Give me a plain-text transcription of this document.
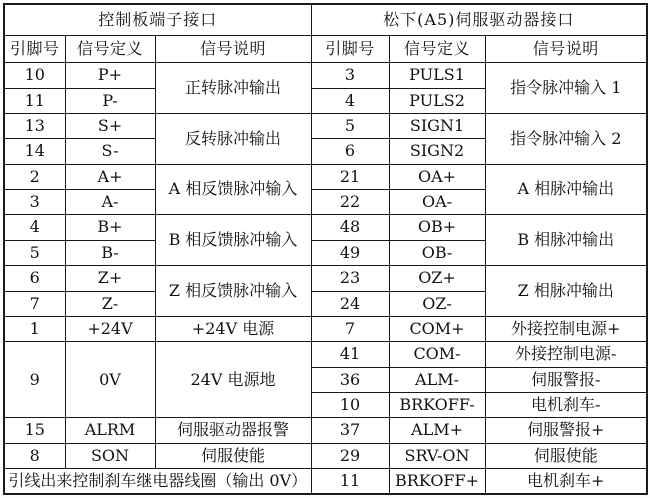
控制板端子接口			松下(A5)伺服驱动器接口		
引脚号	信号定义	信号说明	引脚号	信号定义	信号说明
10	P+	正转脉冲输出	3	PULS1	指令脉冲输入 1
11	P-		4	PULS2	
13	S+	反转脉冲输出	5	SIGN1	指令脉冲输入 2
14	S-		6	SIGN2	
2	A+	A 相反馈脉冲输入	21	OA+	A 相脉冲输出
3	A-		22	OA-	
4	B+	B 相反馈脉冲输入	48	OB+	B 相脉冲输出
5	B-		49	OB-	
6	Z+	Z 相反馈脉冲输入	23	OZ+	Z 相脉冲输出
7	Z-		24	OZ-	
1	+24V	+24V 电源	7	COM+	外接控制电源+
9	0V	24V 电源地	41	COM-	外接控制电源-
			36	ALM-	伺服警报-
			10	BRKOFF-	电机刹车-
15	ALRM	伺服驱动器报警	37	ALM+	伺服警报+
8	SON	伺服使能	29	SRV-ON	伺服使能
引线出来控制刹车继电器线圈（输出 0V）			11	BRKOFF+	电机刹车+
